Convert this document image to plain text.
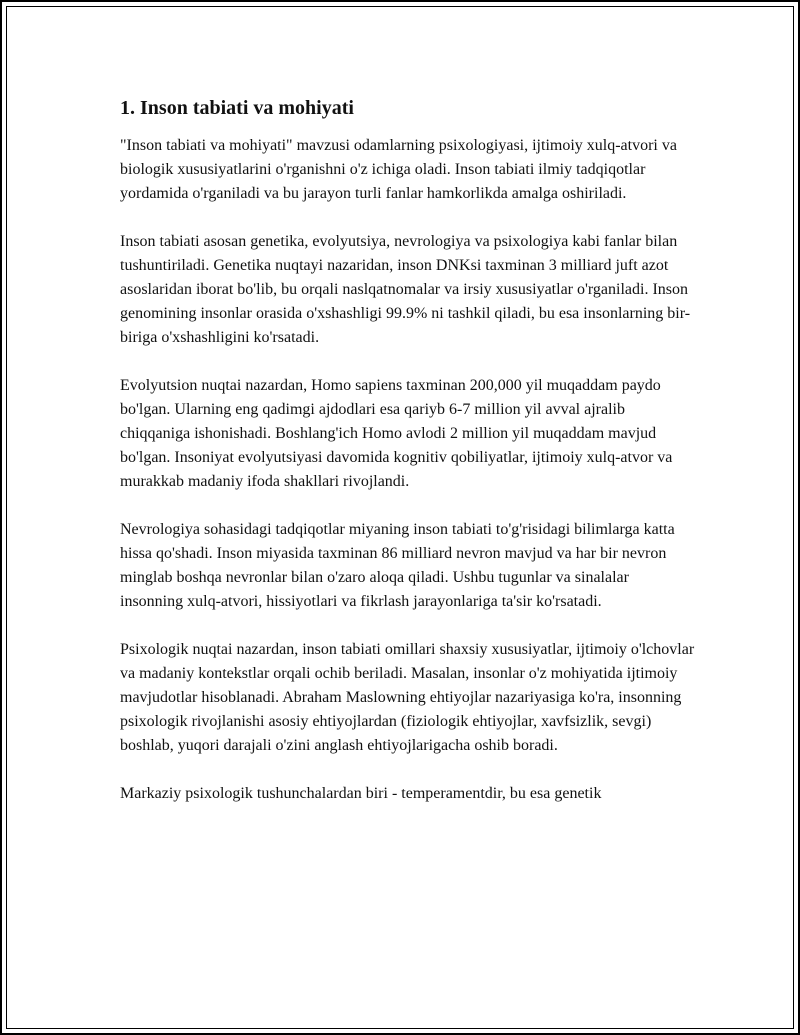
1. Inson tabiati va mohiyati

"Inson tabiati va mohiyati" mavzusi odamlarning psixologiyasi, ijtimoiy xulq-atvori va biologik xususiyatlarini o'rganishni o'z ichiga oladi. Inson tabiati ilmiy tadqiqotlar yordamida o'rganiladi va bu jarayon turli fanlar hamkorlikda amalga oshiriladi.

Inson tabiati asosan genetika, evolyutsiya, nevrologiya va psixologiya kabi fanlar bilan tushuntiriladi. Genetika nuqtayi nazaridan, inson DNKsi taxminan 3 milliard juft azot asoslaridan iborat bo'lib, bu orqali naslqatnomalar va irsiy xususiyatlar o'rganiladi. Inson genomining insonlar orasida o'xshashligi 99.9% ni tashkil qiladi, bu esa insonlarning bir-biriga o'xshashligini ko'rsatadi.

Evolyutsion nuqtai nazardan, Homo sapiens taxminan 200,000 yil muqaddam paydo bo'lgan. Ularning eng qadimgi ajdodlari esa qariyb 6-7 million yil avval ajralib chiqqaniga ishonishadi. Boshlang'ich Homo avlodi 2 million yil muqaddam mavjud bo'lgan. Insoniyat evolyutsiyasi davomida kognitiv qobiliyatlar, ijtimoiy xulq-atvor va murakkab madaniy ifoda shakllari rivojlandi.

Nevrologiya sohasidagi tadqiqotlar miyaning inson tabiati to'g'risidagi bilimlarga katta hissa qo'shadi. Inson miyasida taxminan 86 milliard nevron mavjud va har bir nevron minglab boshqa nevronlar bilan o'zaro aloqa qiladi. Ushbu tugunlar va sinalalar insonning xulq-atvori, hissiyotlari va fikrlash jarayonlariga ta'sir ko'rsatadi.

Psixologik nuqtai nazardan, inson tabiati omillari shaxsiy xususiyatlar, ijtimoiy o'lchovlar va madaniy kontekstlar orqali ochib beriladi. Masalan, insonlar o'z mohiyatida ijtimoiy mavjudotlar hisoblanadi. Abraham Maslowning ehtiyojlar nazariyasiga ko'ra, insonning psixologik rivojlanishi asosiy ehtiyojlardan (fiziologik ehtiyojlar, xavfsizlik, sevgi) boshlab, yuqori darajali o'zini anglash ehtiyojlarigacha oshib boradi.

Markaziy psixologik tushunchalardan biri - temperamentdir, bu esa genetik
